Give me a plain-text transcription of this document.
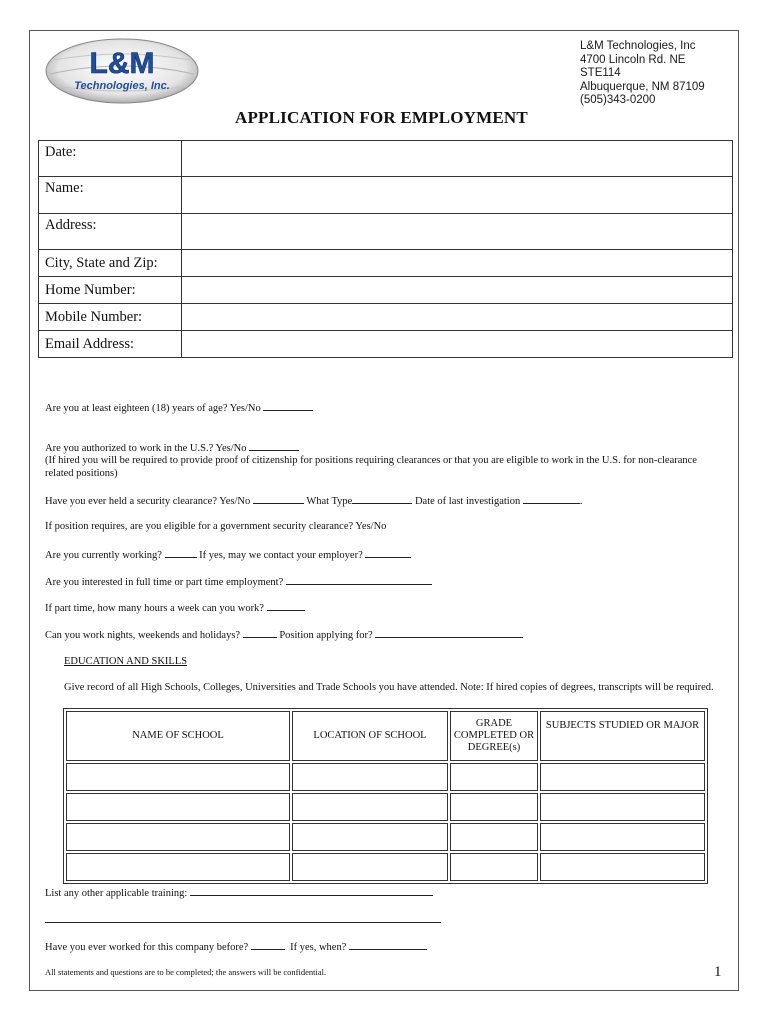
L&M
Technologies, Inc.
L&M Technologies, Inc
4700 Lincoln Rd. NE
STE114
Albuquerque, NM 87109
(505)343-0200
APPLICATION FOR EMPLOYMENT
Date:	
Name:	
Address:	
City, State and Zip:	
Home Number:	
Mobile Number:	
Email Address:	
Are you at least eighteen (18) years of age? Yes/No
Are you authorized to work in the U.S.? Yes/No
(If hired you will be required to provide proof of citizenship for positions requiring clearances or that you are eligible to work in the U.S. for non-clearance related positions)
Have you ever held a security clearance? Yes/No	What Type	Date of last investigation	.
If position requires, are you eligible for a government security clearance? Yes/No
Are you currently working?	If yes, may we contact your employer?
Are you interested in full time or part time employment?
If part time, how many hours a week can you work?
Can you work nights, weekends and holidays?	Position applying for?
EDUCATION AND SKILLS
Give record of all High Schools, Colleges, Universities and Trade Schools you have attended. Note: If hired copies of degrees, transcripts will be required.
NAME OF SCHOOL	LOCATION OF SCHOOL	GRADE COMPLETED OR DEGREE(s)	SUBJECTS STUDIED OR MAJOR

List any other applicable training:
Have you ever worked for this company before?	If yes, when?
All statements and questions are to be completed; the answers will be confidential.	1
